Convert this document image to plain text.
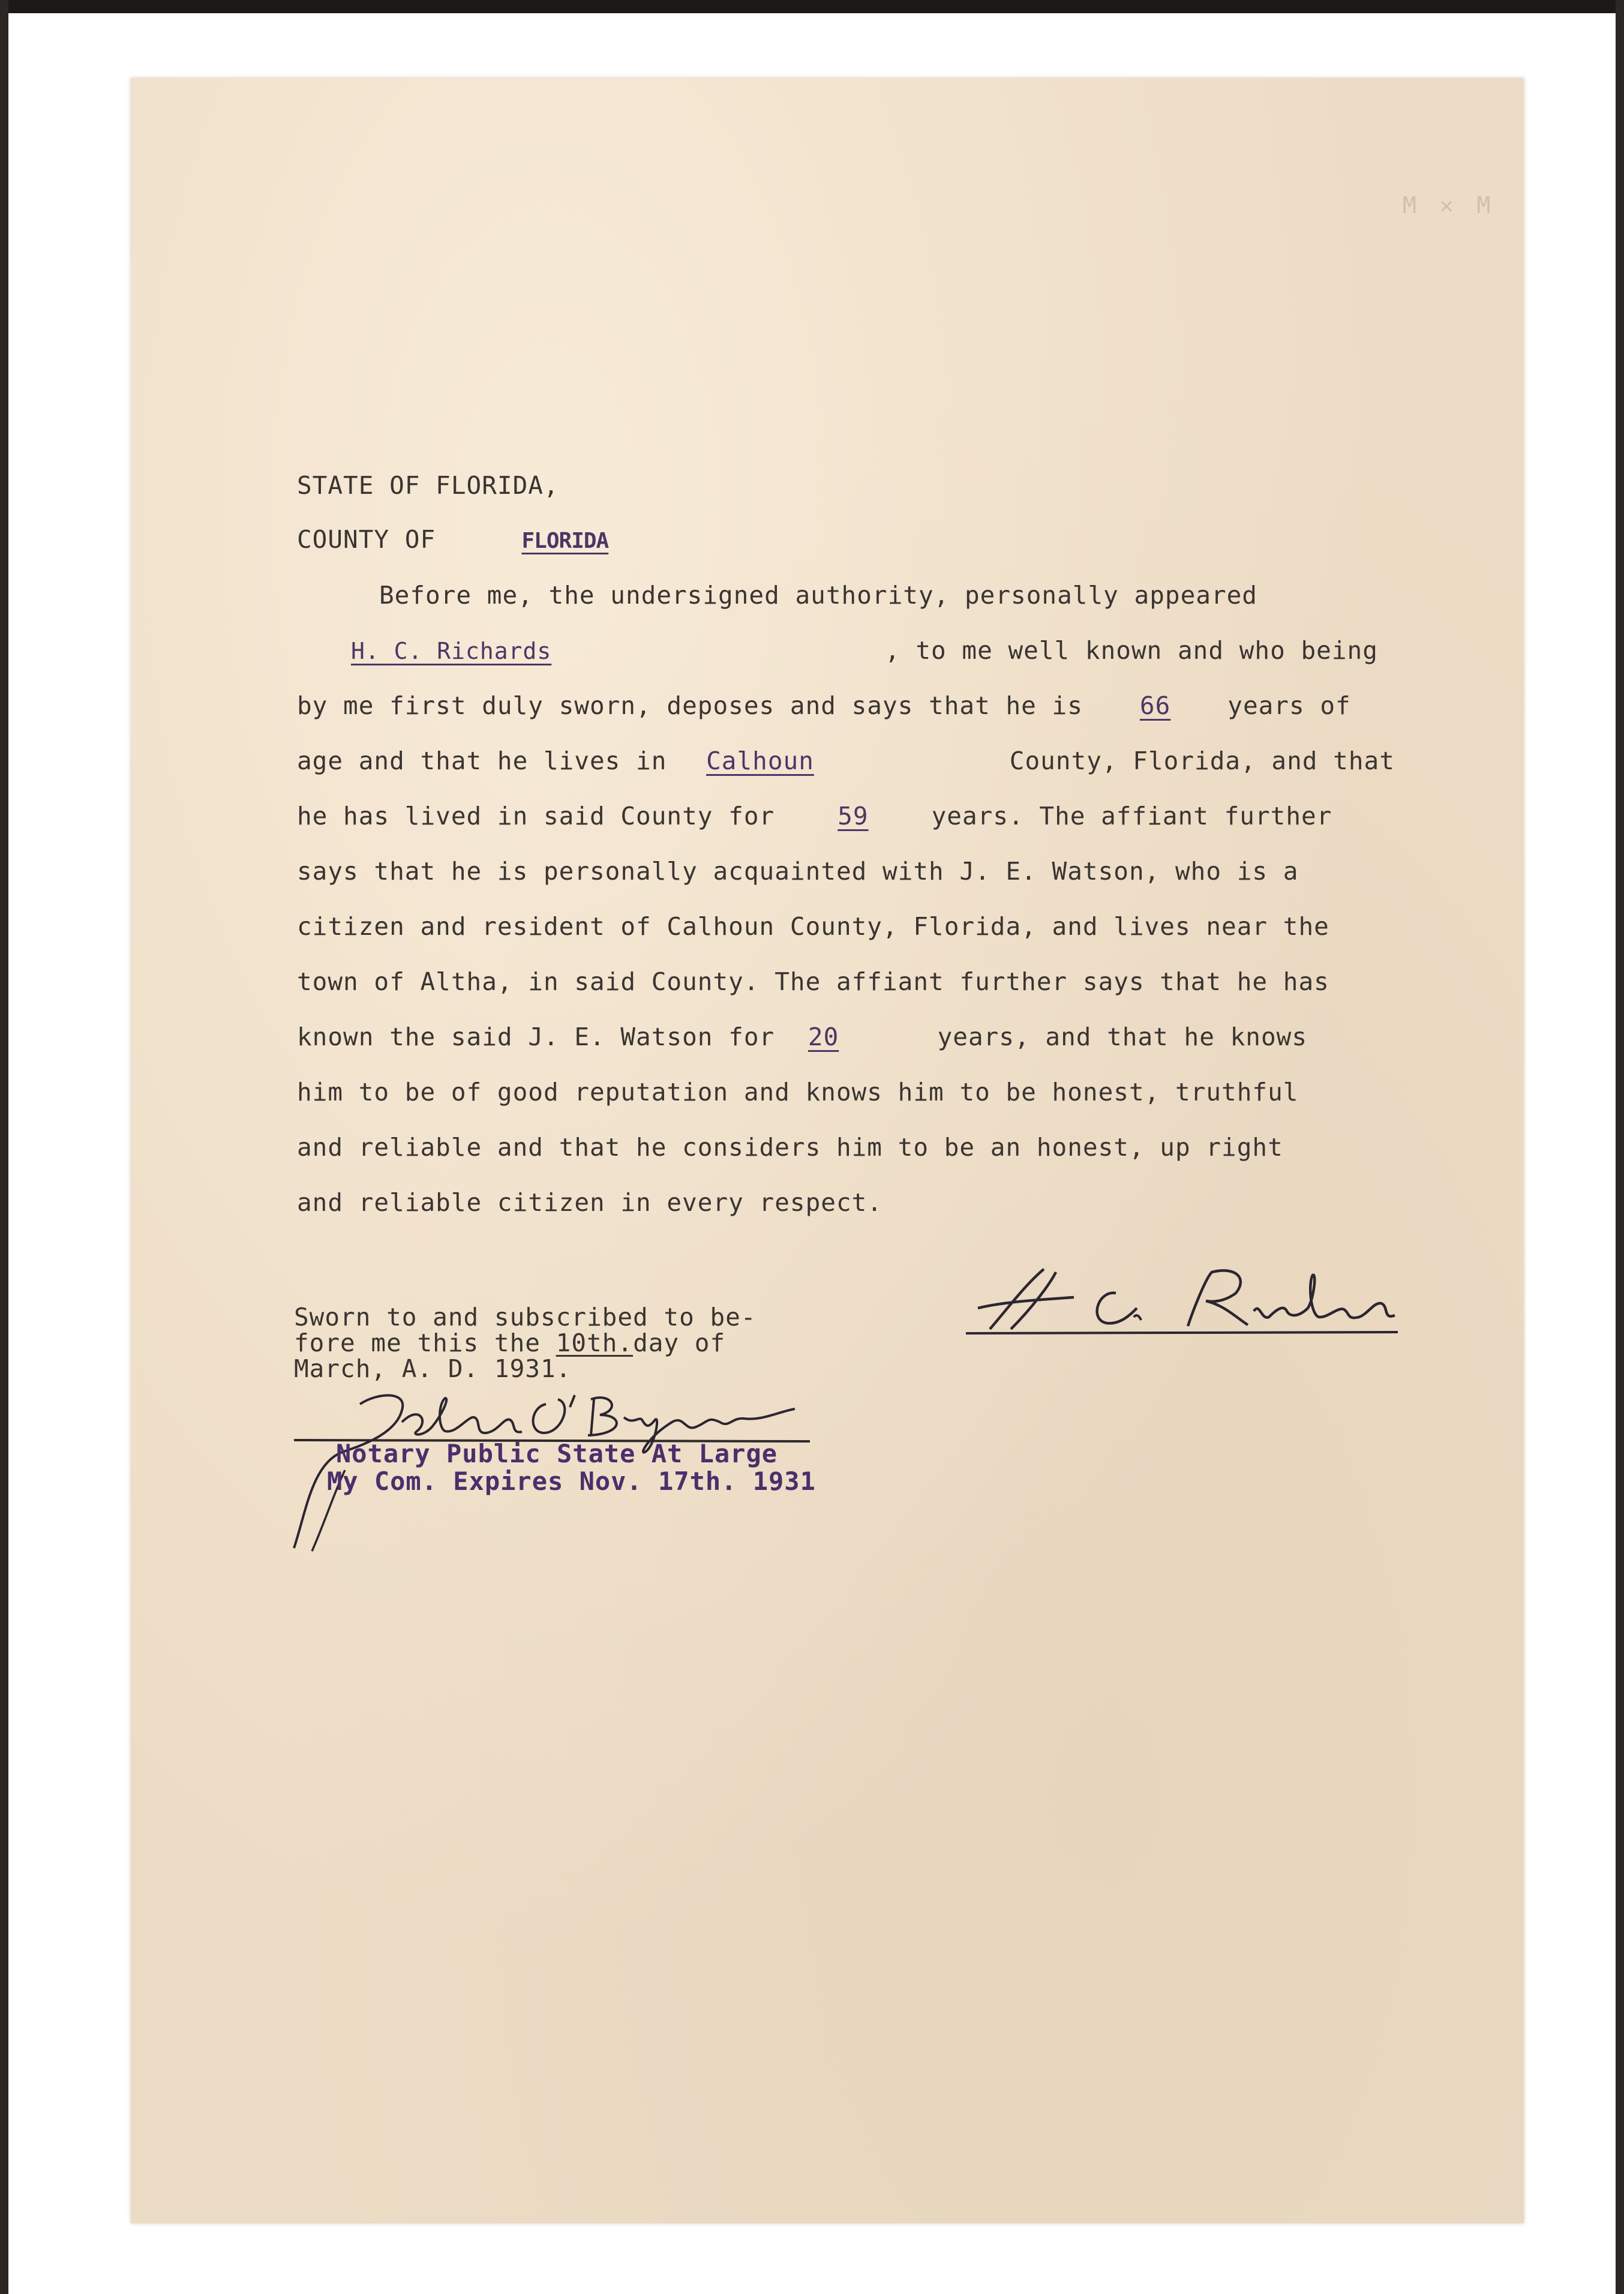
M ✕ M
STATE OF FLORIDA,
COUNTY OF	FLORIDA
Before me, the undersigned authority, personally appeared
H. C. Richards	, to me well known and who being
by me first duly sworn, deposes and says that he is 66 years of
age and that he lives in Calhoun	County, Florida, and that
he has lived in said County for	59	years. The affiant further
says that he is personally acquainted with J. E. Watson, who is a
citizen and resident of Calhoun County, Florida, and lives near the
town of Altha, in said County. The affiant further says that he has
known the said J. E. Watson for 20	years, and that he knows
him to be of good reputation and knows him to be honest, truthful
and reliable and that he considers him to be an honest, up right
and reliable citizen in every respect.
Sworn to and subscribed to be-
fore me this the 10th.day of
March, A. D. 1931.
Notary Public State At Large
My Com. Expires Nov. 17th. 1931
